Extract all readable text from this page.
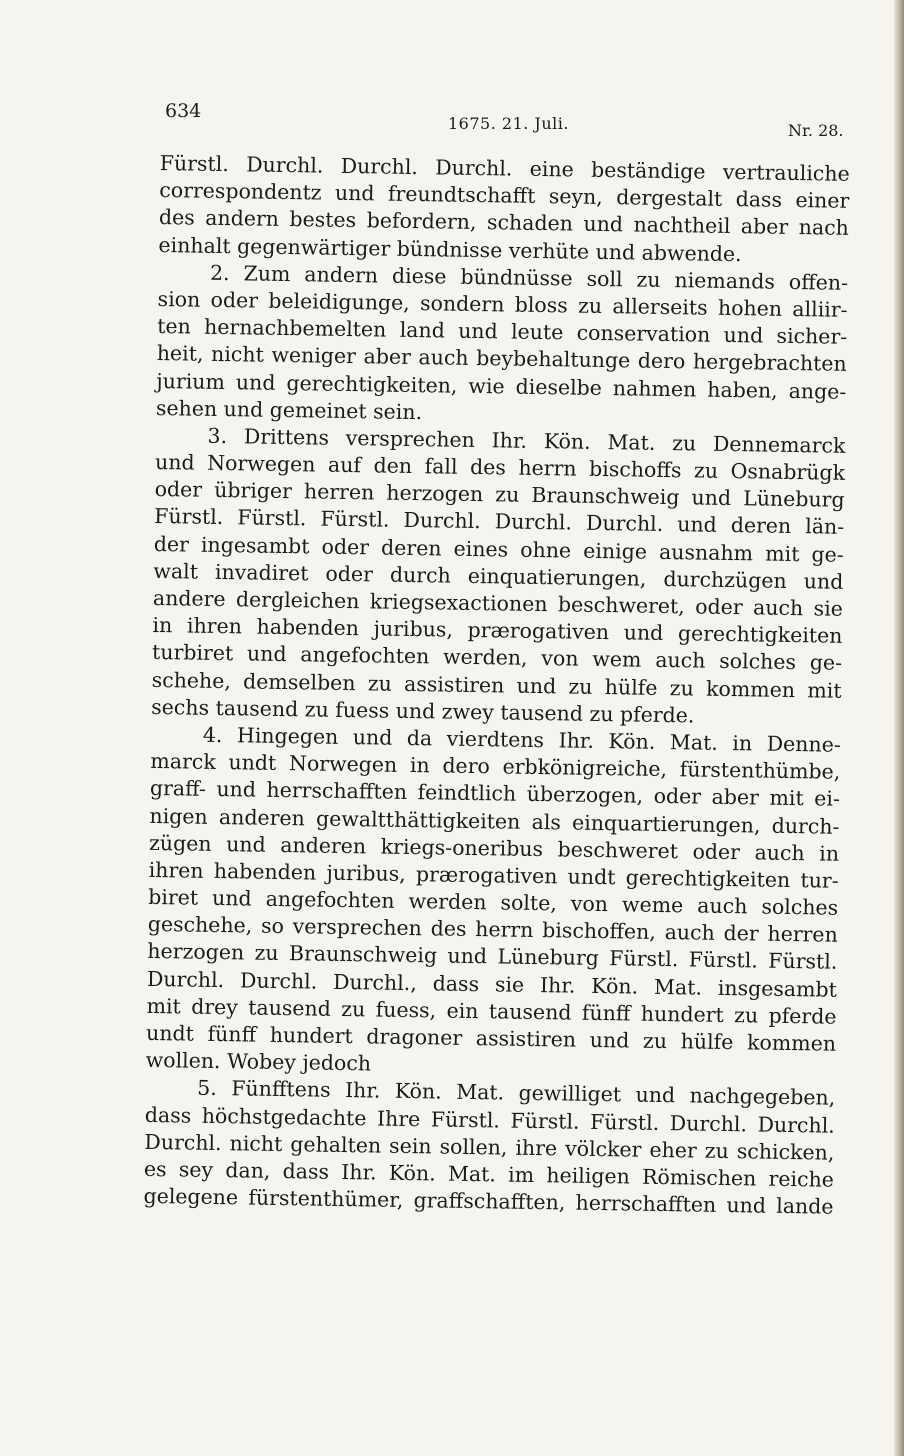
634
1675. 21. Juli.	Nr. 28.
Fürstl. Durchl. Durchl. Durchl. eine beständige vertrauliche
correspondentz und freundtschafft seyn, dergestalt dass einer
des andern bestes befordern, schaden und nachtheil aber nach
einhalt gegenwärtiger bündnisse verhüte und abwende.
2. Zum andern diese bündnüsse soll zu niemands offen-
sion oder beleidigunge, sondern bloss zu allerseits hohen alliir-
ten hernachbemelten land und leute conservation und sicher-
heit, nicht weniger aber auch beybehaltunge dero hergebrachten
jurium und gerechtigkeiten, wie dieselbe nahmen haben, ange-
sehen und gemeinet sein.
3. Drittens versprechen Ihr. Kön. Mat. zu Dennemarck
und Norwegen auf den fall des herrn bischoffs zu Osnabrügk
oder übriger herren herzogen zu Braunschweig und Lüneburg
Fürstl. Fürstl. Fürstl. Durchl. Durchl. Durchl. und deren län-
der ingesambt oder deren eines ohne einige ausnahm mit ge-
walt invadiret oder durch einquatierungen, durchzügen und
andere dergleichen kriegsexactionen beschweret, oder auch sie
in ihren habenden juribus, prærogativen und gerechtigkeiten
turbiret und angefochten werden, von wem auch solches ge-
schehe, demselben zu assistiren und zu hülfe zu kommen mit
sechs tausend zu fuess und zwey tausend zu pferde.
4. Hingegen und da vierdtens Ihr. Kön. Mat. in Denne-
marck undt Norwegen in dero erbkönigreiche, fürstenthümbe,
graff- und herrschafften feindtlich überzogen, oder aber mit ei-
nigen anderen gewaltthättigkeiten als einquartierungen, durch-
zügen und anderen kriegs-oneribus beschweret oder auch in
ihren habenden juribus, prærogativen undt gerechtigkeiten tur-
biret und angefochten werden solte, von weme auch solches
geschehe, so versprechen des herrn bischoffen, auch der herren
herzogen zu Braunschweig und Lüneburg Fürstl. Fürstl. Fürstl.
Durchl. Durchl. Durchl., dass sie Ihr. Kön. Mat. insgesambt
mit drey tausend zu fuess, ein tausend fünff hundert zu pferde
undt fünff hundert dragoner assistiren und zu hülfe kommen
wollen. Wobey jedoch
5. Fünfftens Ihr. Kön. Mat. gewilliget und nachgegeben,
dass höchstgedachte Ihre Fürstl. Fürstl. Fürstl. Durchl. Durchl.
Durchl. nicht gehalten sein sollen, ihre völcker eher zu schicken,
es sey dan, dass Ihr. Kön. Mat. im heiligen Römischen reiche
gelegene fürstenthümer, graffschafften, herrschafften und lande
